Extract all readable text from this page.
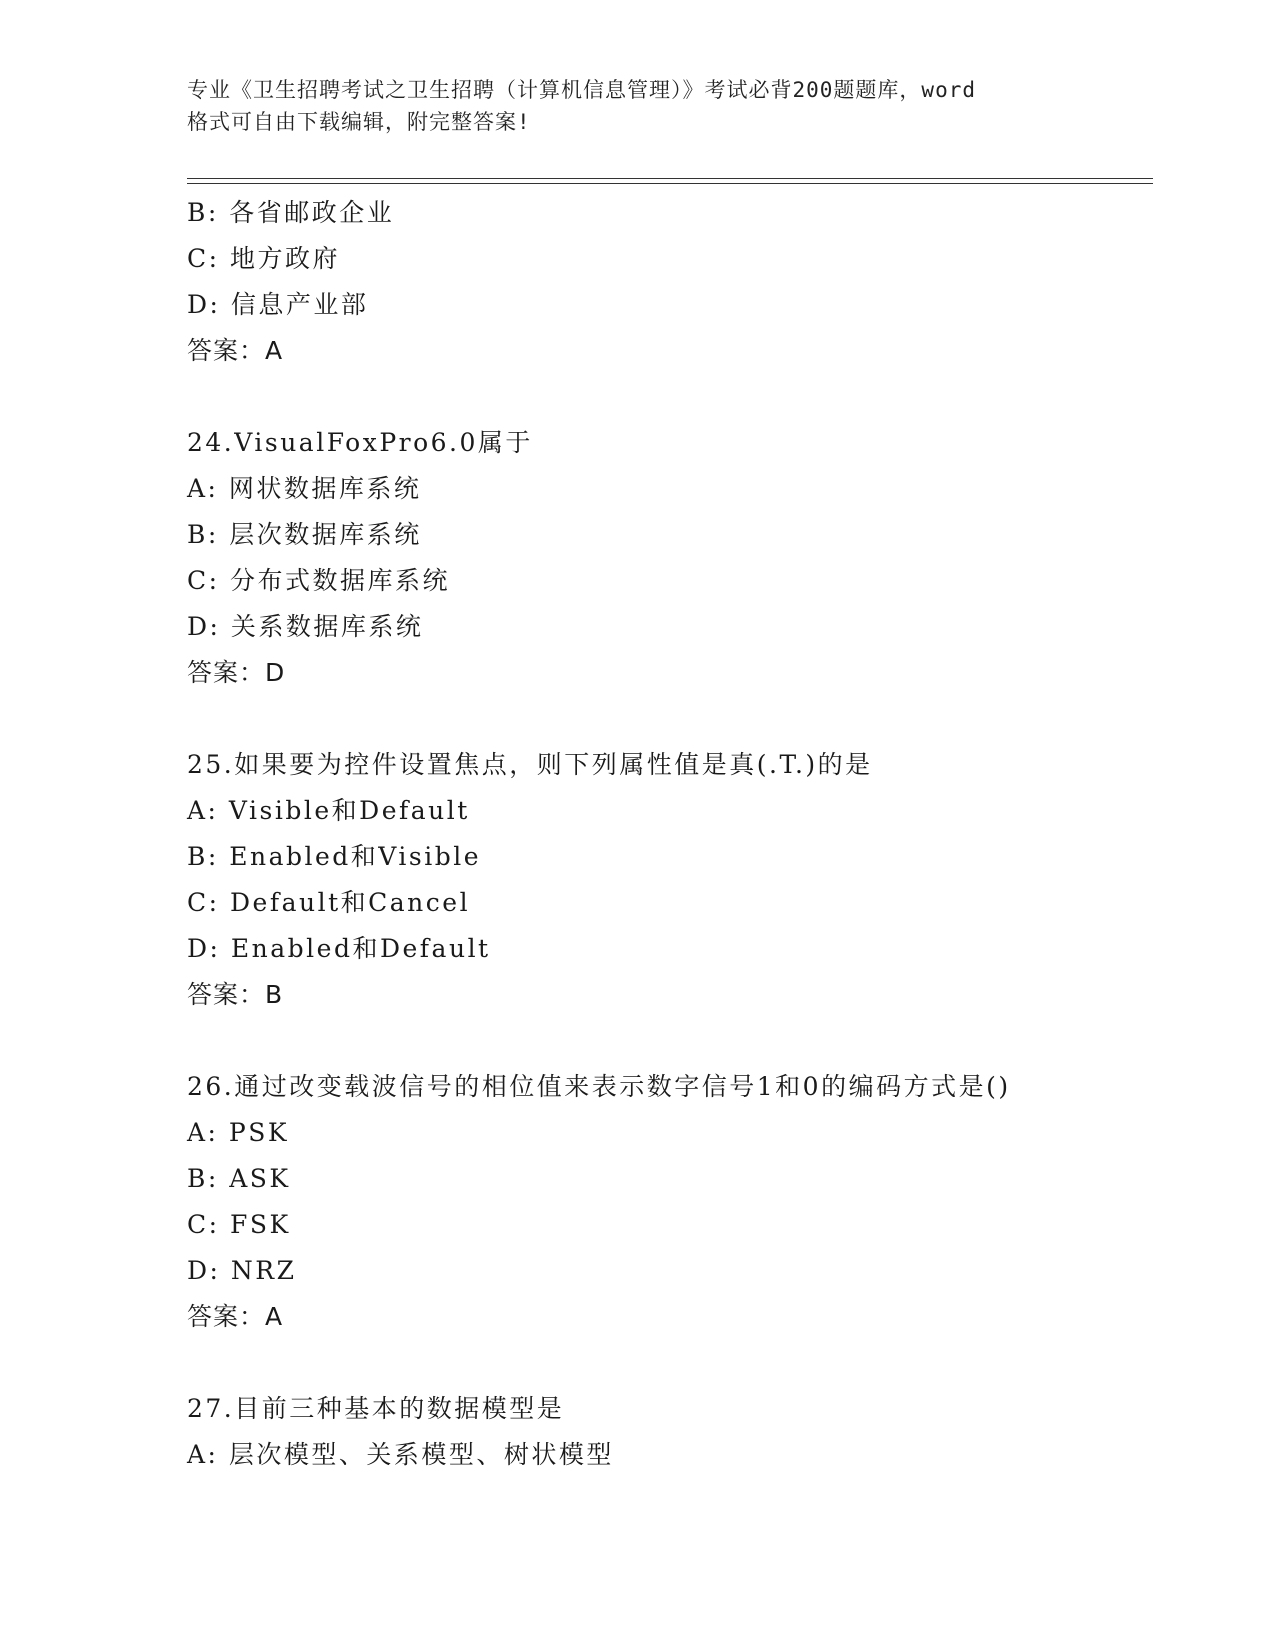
专业《卫生招聘考试之卫生招聘（计算机信息管理）》考试必背200题题库，word
格式可自由下载编辑，附完整答案!
B: 各省邮政企业
C: 地方政府
D: 信息产业部
答案：A
24.VisualFoxPro6.0属于
A: 网状数据库系统
B: 层次数据库系统
C: 分布式数据库系统
D: 关系数据库系统
答案：D
25.如果要为控件设置焦点，则下列属性值是真(.T.)的是
A: Visible和Default
B: Enabled和Visible
C: Default和Cancel
D: Enabled和Default
答案：B
26.通过改变载波信号的相位值来表示数字信号1和0的编码方式是()
A: PSK
B: ASK
C: FSK
D: NRZ
答案：A
27.目前三种基本的数据模型是
A: 层次模型、关系模型、树状模型
